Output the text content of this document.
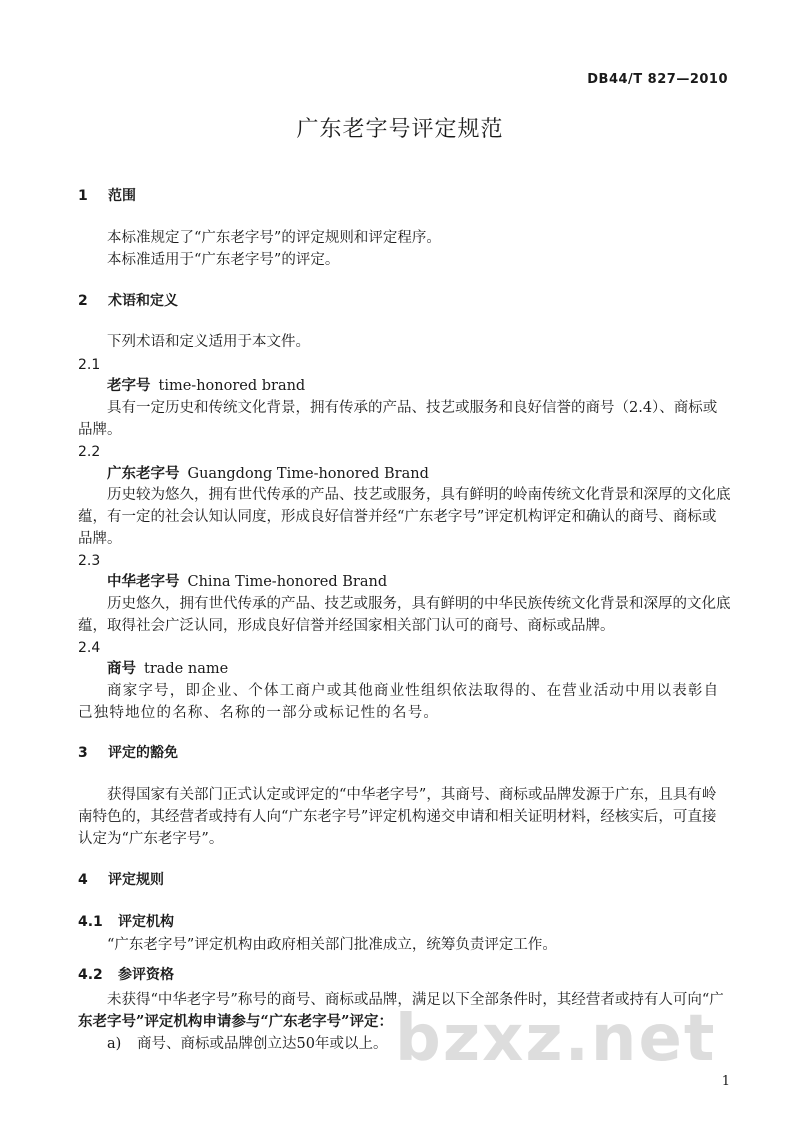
DB44/T 827—2010
广东老字号评定规范
1 范围
本标准规定了“广东老字号”的评定规则和评定程序。
本标准适用于“广东老字号”的评定。
2 术语和定义
下列术语和定义适用于本文件。
2.1
老字号 time-honored brand
具有一定历史和传统文化背景，拥有传承的产品、技艺或服务和良好信誉的商号（2.4）、商标或
品牌。
2.2
广东老字号 Guangdong Time-honored Brand
历史较为悠久，拥有世代传承的产品、技艺或服务，具有鲜明的岭南传统文化背景和深厚的文化底
蕴，有一定的社会认知认同度，形成良好信誉并经“广东老字号”评定机构评定和确认的商号、商标或
品牌。
2.3
中华老字号 China Time-honored Brand
历史悠久，拥有世代传承的产品、技艺或服务，具有鲜明的中华民族传统文化背景和深厚的文化底
蕴，取得社会广泛认同，形成良好信誉并经国家相关部门认可的商号、商标或品牌。
2.4
商号 trade name
商家字号，即企业、个体工商户或其他商业性组织依法取得的、在营业活动中用以表彰自
己独特地位的名称、名称的一部分或标记性的名号。
3 评定的豁免
获得国家有关部门正式认定或评定的“中华老字号”，其商号、商标或品牌发源于广东，且具有岭
南特色的，其经营者或持有人向“广东老字号”评定机构递交申请和相关证明材料，经核实后，可直接
认定为“广东老字号”。
4 评定规则
4.1 评定机构
“广东老字号”评定机构由政府相关部门批准成立，统筹负责评定工作。
4.2 参评资格
未获得“中华老字号”称号的商号、商标或品牌，满足以下全部条件时，其经营者或持有人可向“广
东老字号”评定机构申请参与“广东老字号”评定：
a) 商号、商标或品牌创立达50年或以上。 bzxz.net
1
